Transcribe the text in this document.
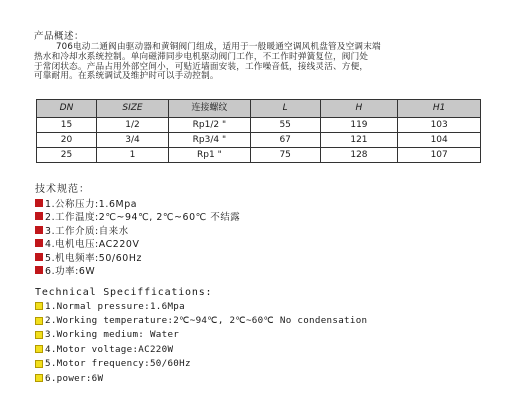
产品概述：

706电动二通阀由驱动器和黄铜阀门组成，适用于一般暖通空调风机盘管及空调末端

热水和冷却水系统控制。单向磁滞同步电机驱动阀门工作，不工作时弹簧复位，阀门处

于常闭状态。产品占用外部空间小，可贴近墙面安装，工作噪音低，接线灵活、方便，

可靠耐用。在系统调试及维护时可以手动控制。

DN	SIZE	连接螺纹	L	H	H1
15	1/2	Rp1/2 "	55	119	103
20	3/4	Rp3/4 "	67	121	104
25	1	Rp1 "	75	128	107
技术规范：
1.公称压力:1.6Mpa
2.工作温度:2℃~94℃, 2℃~60℃ 不结露
3.工作介质:自来水
4.电机电压:AC220V
5.机电频率:50/60Hz
6.功率:6W
Technical Speciffications:
1.Normal pressure:1.6Mpa
2.Working temperature:2℃~94℃, 2℃~60℃ No condensation
3.Working medium: Water
4.Motor voltage:AC220W
5.Motor frequency:50/60Hz
6.power:6W
